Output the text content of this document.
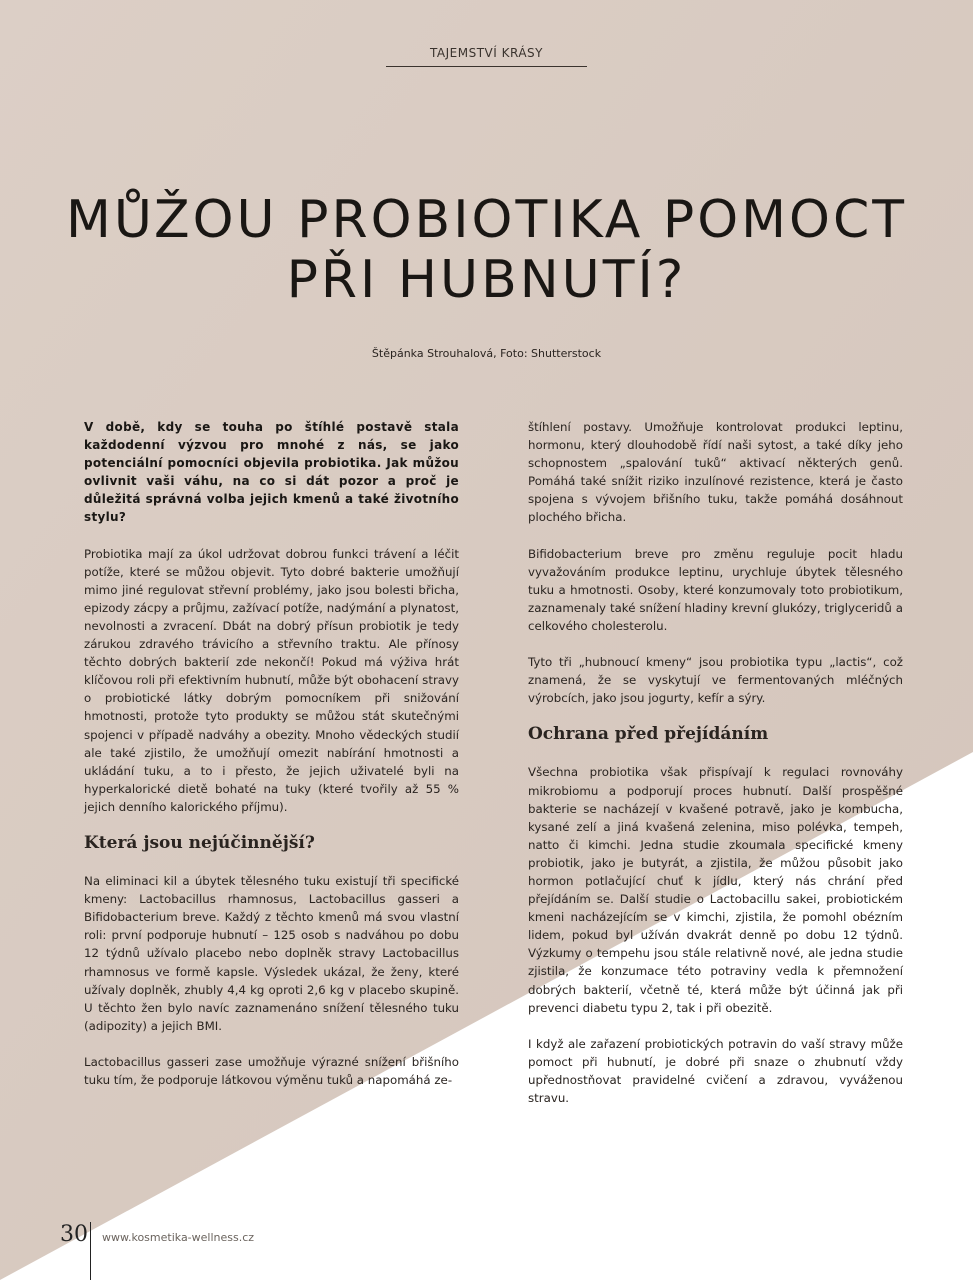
TAJEMSTVÍ KRÁSY
MŮŽOU PROBIOTIKA POMOCT PŘI HUBNUTÍ?
Štěpánka Strouhalová, Foto: Shutterstock

V době, kdy se touha po štíhlé postavě stala každodenní výzvou pro mnohé z nás, se jako potenciální pomocníci objevila probiotika. Jak můžou ovlivnit vaši váhu, na co si dát pozor a proč je důležitá správná volba jejich kmenů a také životního stylu?

Probiotika mají za úkol udržovat dobrou funkci trávení a léčit potíže, které se můžou objevit. Tyto dobré bakterie umožňují mimo jiné regulovat střevní problémy, jako jsou bolesti břicha, epizody zácpy a průjmu, zažívací potíže, nadýmání a plynatost, nevolnosti a zvracení. Dbát na dobrý přísun probiotik je tedy zárukou zdravého trávicího a střevního traktu. Ale přínosy těchto dobrých bakterií zde nekončí! Pokud má výživa hrát klíčovou roli při efektivním hubnutí, může být obohacení stravy o probiotické látky dobrým pomocníkem při snižování hmotnosti, protože tyto produkty se můžou stát skutečnými spojenci v případě nadváhy a obezity. Mnoho vědeckých studií ale také zjistilo, že umožňují omezit nabírání hmotnosti a ukládání tuku, a to i přesto, že jejich uživatelé byli na hyperkalorické dietě bohaté na tuky (které tvořily až 55 % jejich denního kalorického příjmu).

Která jsou nejúčinnější?

Na eliminaci kil a úbytek tělesného tuku existují tři specifické kmeny: Lactobacillus rhamnosus, Lactobacillus gasseri a Bifidobacterium breve. Každý z těchto kmenů má svou vlastní roli: první podporuje hubnutí – 125 osob s nadváhou po dobu 12 týdnů užívalo placebo nebo doplněk stravy Lactobacillus rhamnosus ve formě kapsle. Výsledek ukázal, že ženy, které užívaly doplněk, zhubly 4,4 kg oproti 2,6 kg v placebo skupině. U těchto žen bylo navíc zaznamenáno snížení tělesného tuku (adipozity) a jejich BMI.

Lactobacillus gasseri zase umožňuje výrazné snížení břišního tuku tím, že podporuje látkovou výměnu tuků a napomáhá ze-

štíhlení postavy. Umožňuje kontrolovat produkci leptinu, hormonu, který dlouhodobě řídí naši sytost, a také díky jeho schopnostem „spalování tuků“ aktivací některých genů. Pomáhá také snížit riziko inzulínové rezistence, která je často spojena s vývojem břišního tuku, takže pomáhá dosáhnout plochého břicha.

Bifidobacterium breve pro změnu reguluje pocit hladu vyvažováním produkce leptinu, urychluje úbytek tělesného tuku a hmotnosti. Osoby, které konzumovaly toto probiotikum, zaznamenaly také snížení hladiny krevní glukózy, triglyceridů a celkového cholesterolu.

Tyto tři „hubnoucí kmeny“ jsou probiotika typu „lactis“, což znamená, že se vyskytují ve fermentovaných mléčných výrobcích, jako jsou jogurty, kefír a sýry.

Ochrana před přejídáním

Všechna probiotika však přispívají k regulaci rovnováhy mikrobiomu a podporují proces hubnutí. Další prospěšné bakterie se nacházejí v kvašené potravě, jako je kombucha, kysané zelí a jiná kvašená zelenina, miso polévka, tempeh, natto či kimchi. Jedna studie zkoumala specifické kmeny probiotik, jako je butyrát, a zjistila, že můžou působit jako hormon potlačující chuť k jídlu, který nás chrání před přejídáním se. Další studie o Lactobacillu sakei, probiotickém kmeni nacházejícím se v kimchi, zjistila, že pomohl obézním lidem, pokud byl užíván dvakrát denně po dobu 12 týdnů. Výzkumy o tempehu jsou stále relativně nové, ale jedna studie zjistila, že konzumace této potraviny vedla k přemnožení dobrých bakterií, včetně té, která může být účinná jak při prevenci diabetu typu 2, tak i při obezitě.

I když ale zařazení probiotických potravin do vaší stravy může pomoct při hubnutí, je dobré při snaze o zhubnutí vždy upřednostňovat pravidelné cvičení a zdravou, vyváženou stravu.

30 www.kosmetika-wellness.cz
